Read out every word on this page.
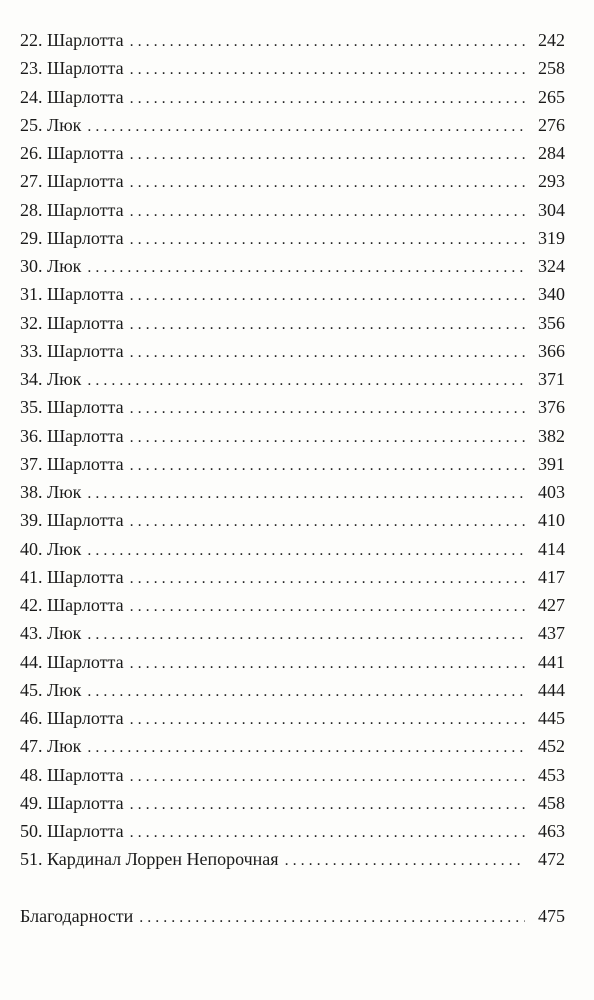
22. Шарлотта . . .	242
23. Шарлотта . . .	258
24. Шарлотта . . .	265
25. Люк . . .	276
26. Шарлотта . . .	284
27. Шарлотта . . .	293
28. Шарлотта . . .	304
29. Шарлотта . . .	319
30. Люк . . .	324
31. Шарлотта . . .	340
32. Шарлотта . . .	356
33. Шарлотта . . .	366
34. Люк . . .	371
35. Шарлотта . . .	376
36. Шарлотта . . .	382
37. Шарлотта . . .	391
38. Люк . . .	403
39. Шарлотта . . .	410
40. Люк . . .	414
41. Шарлотта . . .	417
42. Шарлотта . . .	427
43. Люк . . .	437
44. Шарлотта . . .	441
45. Люк . . .	444
46. Шарлотта . . .	445
47. Люк . . .	452
48. Шарлотта . . .	453
49. Шарлотта . . .	458
50. Шарлотта . . .	463
51. Кардинал Лоррен Непорочная . . .	472
Благодарности . . .	475
